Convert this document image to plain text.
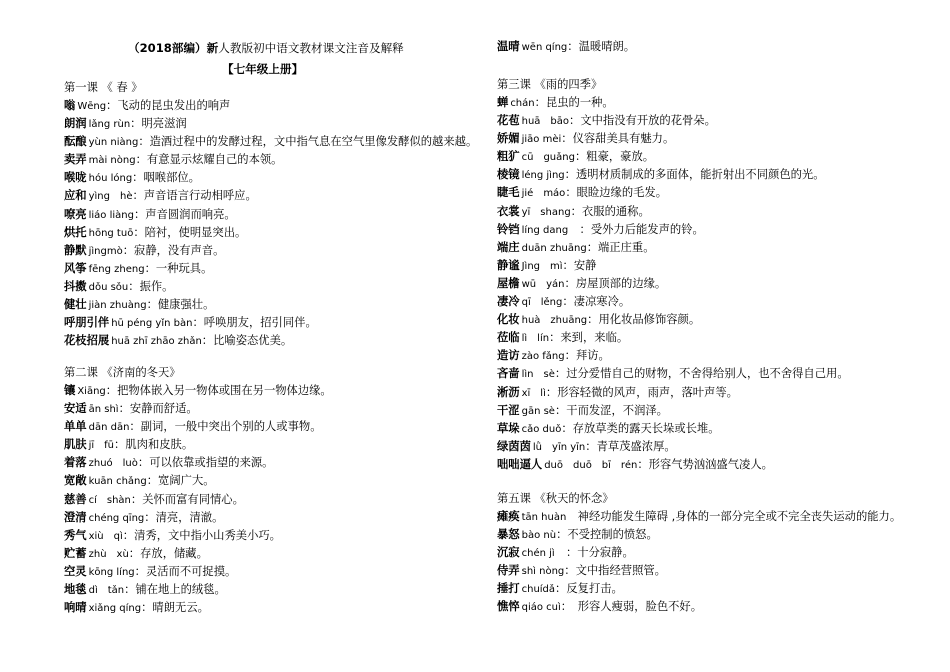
（2018部编）新人教版初中语文教材课文注音及解释
【七年级上册】
第一课 《 春 》
嗡 Wēng：飞动的昆虫发出的响声
朗润 lǎng rùn：明亮滋润
酝酿 yùn niàng：造酒过程中的发酵过程，文中指气息在空气里像发酵似的越来越。
卖弄 mài nòng：有意显示炫耀自己的本领。
喉咙 hóu lóng：咽喉部位。
应和 yìng　hè：声音语言行动相呼应。
嘹亮 liáo liàng：声音圆润而响亮。
烘托 hōng tuō：陪衬，使明显突出。
静默 jìngmò：寂静，没有声音。
风筝 fēng zheng：一种玩具。
抖擞 dǒu sǒu：振作。
健壮 jiàn zhuàng：健康强壮。
呼朋引伴 hū péng yǐn bàn：呼唤朋友，招引同伴。
花枝招展 huā zhī zhāo zhǎn：比喻姿态优美。
第二课 《济南的冬天》
镶 Xiāng：把物体嵌入另一物体或围在另一物体边缘。
安适 ān shì：安静而舒适。
单单 dān dān：副词，一般中突出个别的人或事物。
肌肤 jī　fū：肌肉和皮肤。
着落 zhuó　luò：可以依靠或指望的来源。
宽敞 kuān chǎng：宽阔广大。
慈善 cí　shàn：关怀而富有同情心。
澄清 chéng qīng：清亮，清澈。
秀气 xiù　qì：清秀，文中指小山秀美小巧。
贮蓄 zhù　xù：存放，储藏。
空灵 kōng líng：灵活而不可捉摸。
地毯 dì　tǎn：铺在地上的绒毯。
响晴 xiǎng qíng：晴朗无云。
温晴 wēn qíng：温暖晴朗。
第三课 《雨的四季》
蝉 chán：昆虫的一种。
花苞 huā　bāo：文中指没有开放的花骨朵。
娇媚 jiāo mèi：仪容甜美具有魅力。
粗犷 cū　guǎng：粗豪，豪放。
棱镜 léng jìng：透明材质制成的多面体，能折射出不同颜色的光。
睫毛 jié　máo：眼睑边缘的毛发。
衣裳 yī　shang：衣服的通称。
铃铛 líng dang　：受外力后能发声的铃。
端庄 duān zhuāng：端正庄重。
静谧 Jìng　mì：安静
屋檐 wū　yán：房屋顶部的边缘。
凄冷 qī　lěng：凄凉寒冷。
化妆 huà　zhuāng：用化妆品修饰容颜。
莅临 lì　lín：来到，来临。
造访 zào fǎng：拜访。
吝啬 lìn　sè：过分爱惜自己的财物，不舍得给别人，也不舍得自己用。
淅沥 xī　lì：形容轻微的风声，雨声，落叶声等。
干涩 gān sè：干而发涩，不润泽。
草垛 cǎo duǒ：存放草类的露天长垛或长堆。
绿茵茵 lǜ　yīn yīn：青草茂盛浓厚。
咄咄逼人 duō　duō　bī　rén：形容气势汹汹盛气凌人。
第五课 《秋天的怀念》
瘫痪 tān huàn　 神经功能发生障碍 ,身体的一部分完全或不完全丧失运动的能力。
暴怒 bào nù：不受控制的愤怒。
沉寂 chén jì　：十分寂静。
侍弄 shì nòng：文中指经营照管。
捶打 chuídǎ：反复打击。
憔悴 qiáo cuì：　形容人瘦弱，脸色不好。
